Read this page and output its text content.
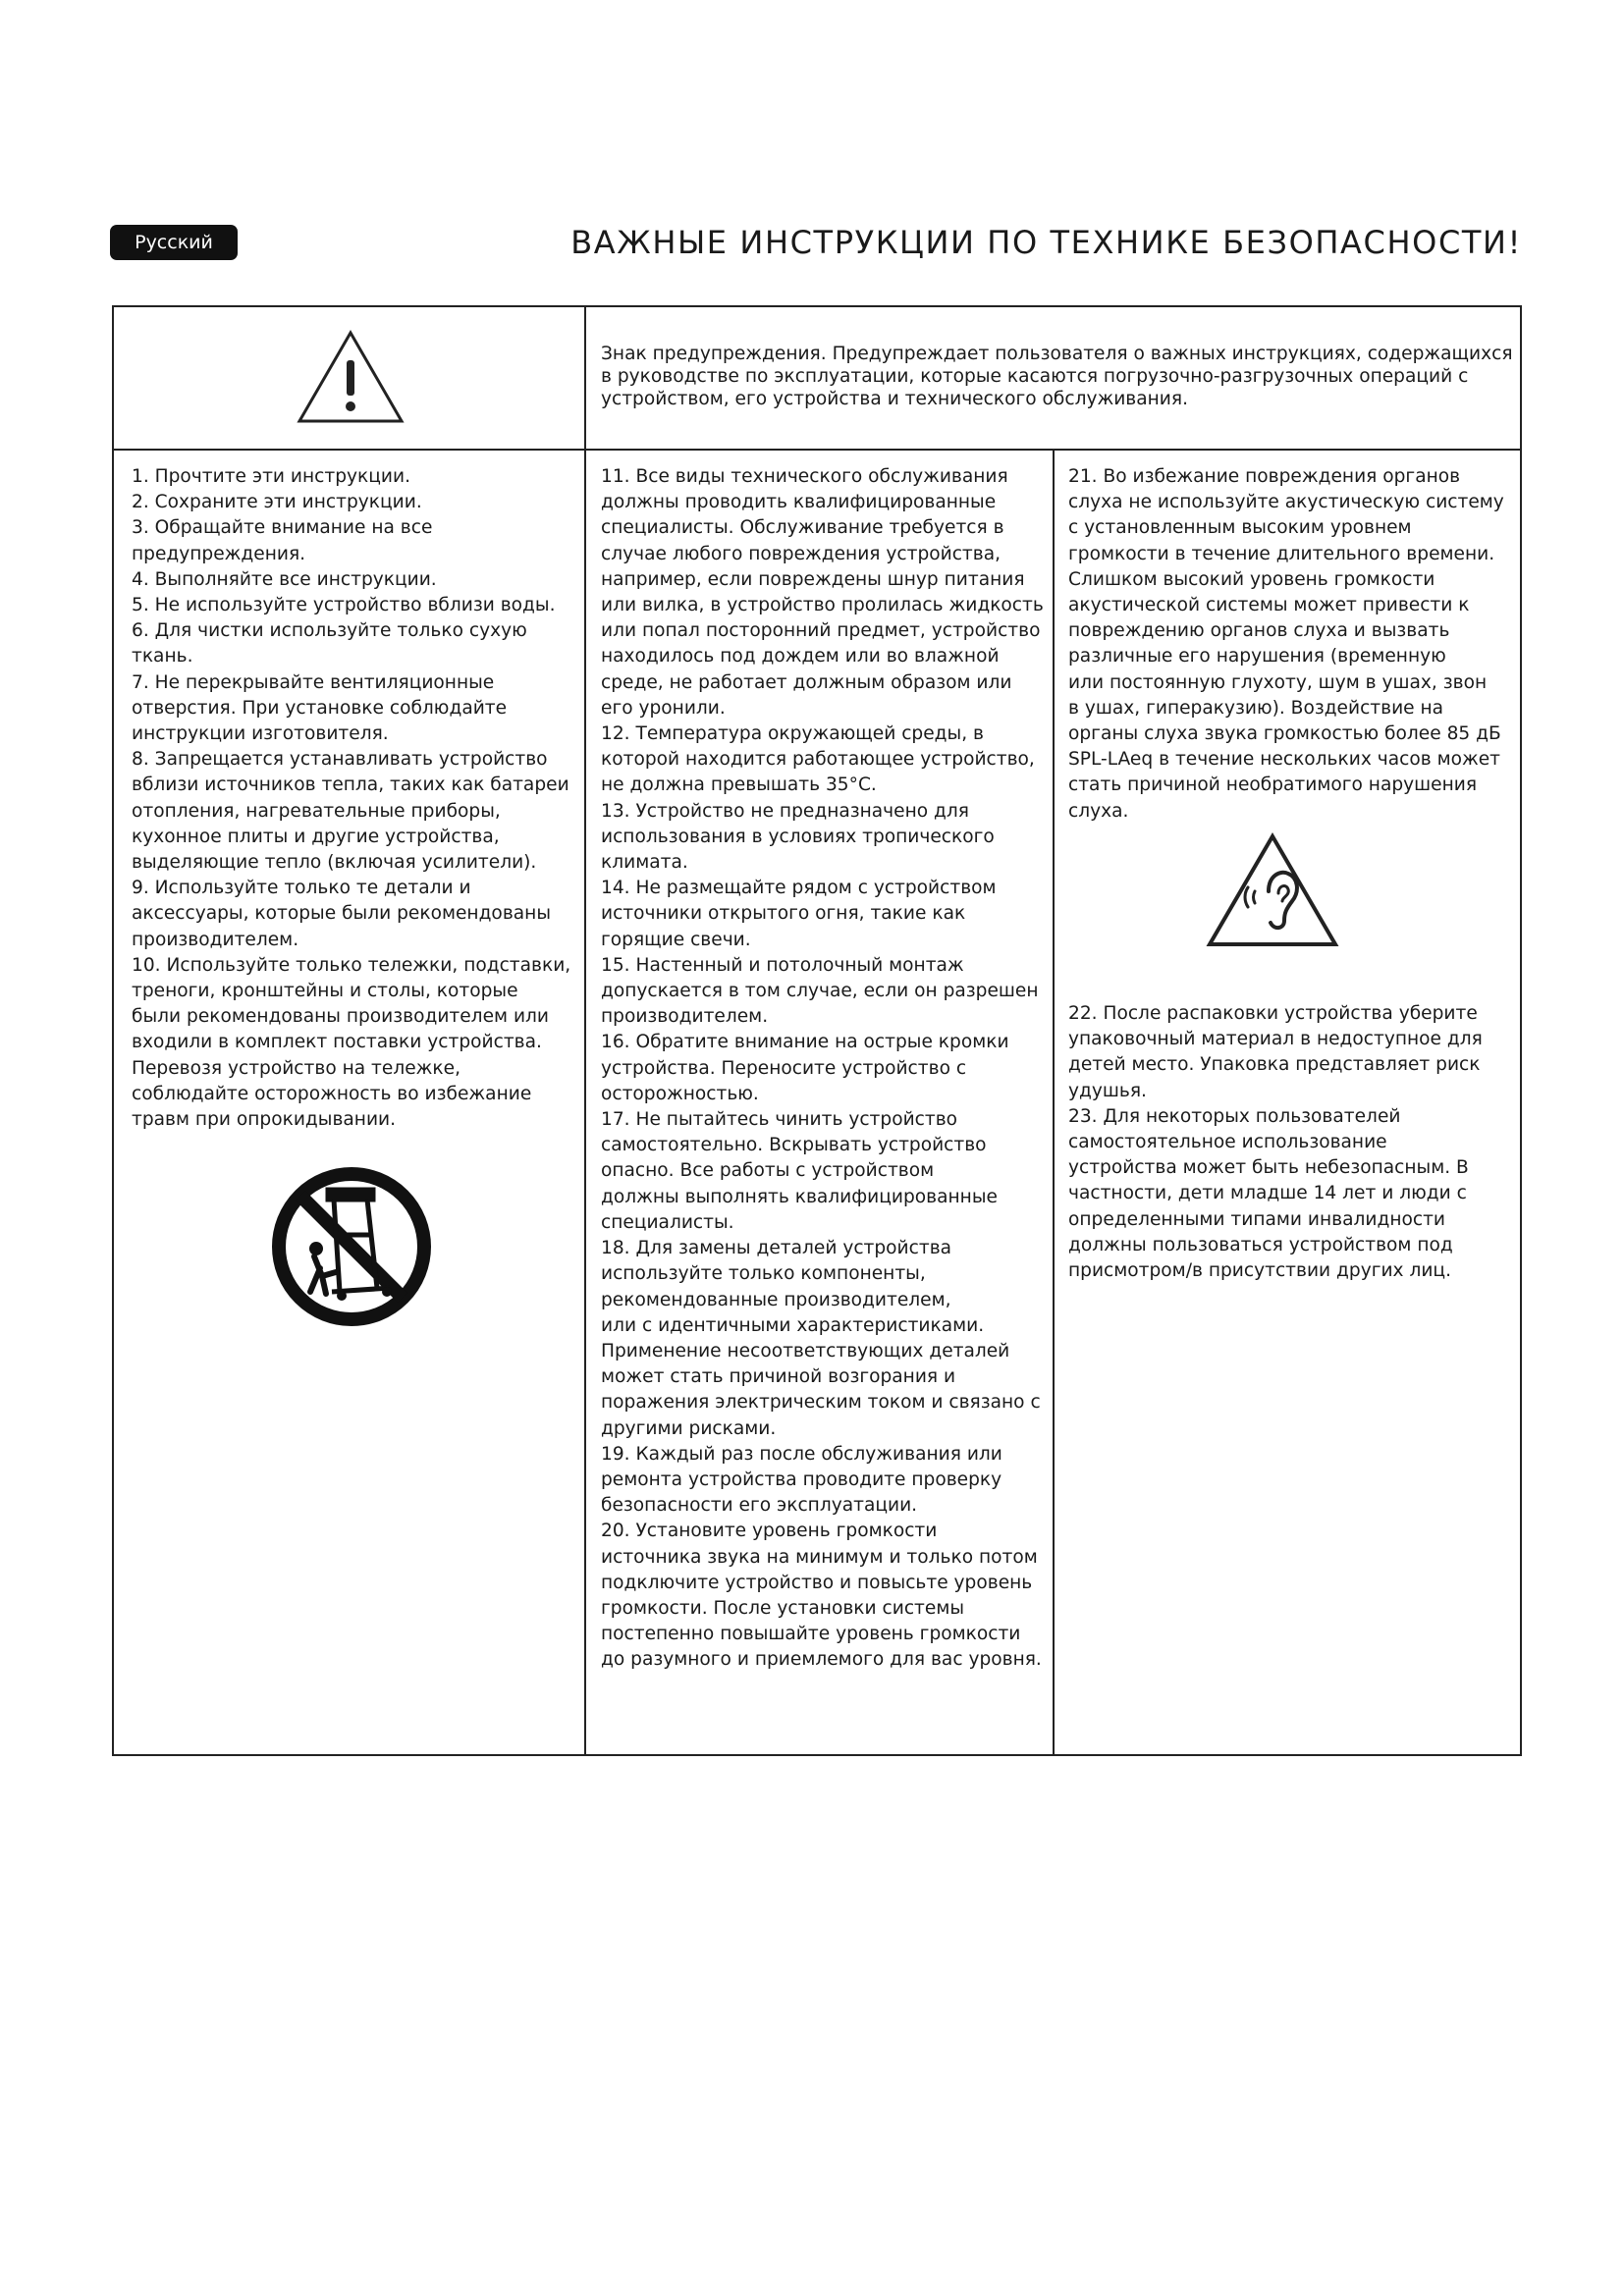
Русский	ВАЖНЫЕ ИНСТРУКЦИИ ПО ТЕХНИКЕ БЕЗОПАСНОСТИ!

Знак предупреждения. Предупреждает пользователя о важных инструкциях, содержащихся

в руководстве по эксплуатации, которые касаются погрузочно-разгрузочных операций с

устройством, его устройства и технического обслуживания.

1. Прочтите эти инструкции.

2. Сохраните эти инструкции.

3. Обращайте внимание на все

предупреждения.

4. Выполняйте все инструкции.

5. Не используйте устройство вблизи воды.

6. Для чистки используйте только сухую

ткань.

7. Не перекрывайте вентиляционные

отверстия. При установке соблюдайте

инструкции изготовителя.

8. Запрещается устанавливать устройство

вблизи источников тепла, таких как батареи

отопления, нагревательные приборы,

кухонное плиты и другие устройства,

выделяющие тепло (включая усилители).

9. Используйте только те детали и

аксессуары, которые были рекомендованы

производителем.

10. Используйте только тележки, подставки,

треноги, кронштейны и столы, которые

были рекомендованы производителем или

входили в комплект поставки устройства.

Перевозя устройство на тележке,

соблюдайте осторожность во избежание

травм при опрокидывании.

11. Все виды технического обслуживания

должны проводить квалифицированные

специалисты. Обслуживание требуется в

случае любого повреждения устройства,

например, если повреждены шнур питания

или вилка, в устройство пролилась жидкость

или попал посторонний предмет, устройство

находилось под дождем или во влажной

среде, не работает должным образом или

его уронили.

12. Температура окружающей среды, в

которой находится работающее устройство,

не должна превышать 35°C.

13. Устройство не предназначено для

использования в условиях тропического

климата.

14. Не размещайте рядом с устройством

источники открытого огня, такие как

горящие свечи.

15. Настенный и потолочный монтаж

допускается в том случае, если он разрешен

производителем.

16. Обратите внимание на острые кромки

устройства. Переносите устройство с

осторожностью.

17. Не пытайтесь чинить устройство

самостоятельно. Вскрывать устройство

опасно. Все работы с устройством

должны выполнять квалифицированные

специалисты.

18. Для замены деталей устройства

используйте только компоненты,

рекомендованные производителем,

или с идентичными характеристиками.

Применение несоответствующих деталей

может стать причиной возгорания и

поражения электрическим током и связано с

другими рисками.

19. Каждый раз после обслуживания или

ремонта устройства проводите проверку

безопасности его эксплуатации.

20. Установите уровень громкости

источника звука на минимум и только потом

подключите устройство и повысьте уровень

громкости. После установки системы

постепенно повышайте уровень громкости

до разумного и приемлемого для вас уровня.

21. Во избежание повреждения органов

слуха не используйте акустическую систему

с установленным высоким уровнем

громкости в течение длительного времени.

Слишком высокий уровень громкости

акустической системы может привести к

повреждению органов слуха и вызвать

различные его нарушения (временную

или постоянную глухоту, шум в ушах, звон

в ушах, гиперакузию). Воздействие на

органы слуха звука громкостью более 85 дБ

SPL-LAeq в течение нескольких часов может

стать причиной необратимого нарушения

слуха.

22. После распаковки устройства уберите

упаковочный материал в недоступное для

детей место. Упаковка представляет риск

удушья.

23. Для некоторых пользователей

самостоятельное использование

устройства может быть небезопасным. В

частности, дети младше 14 лет и люди с

определенными типами инвалидности

должны пользоваться устройством под

присмотром/в присутствии других лиц.
